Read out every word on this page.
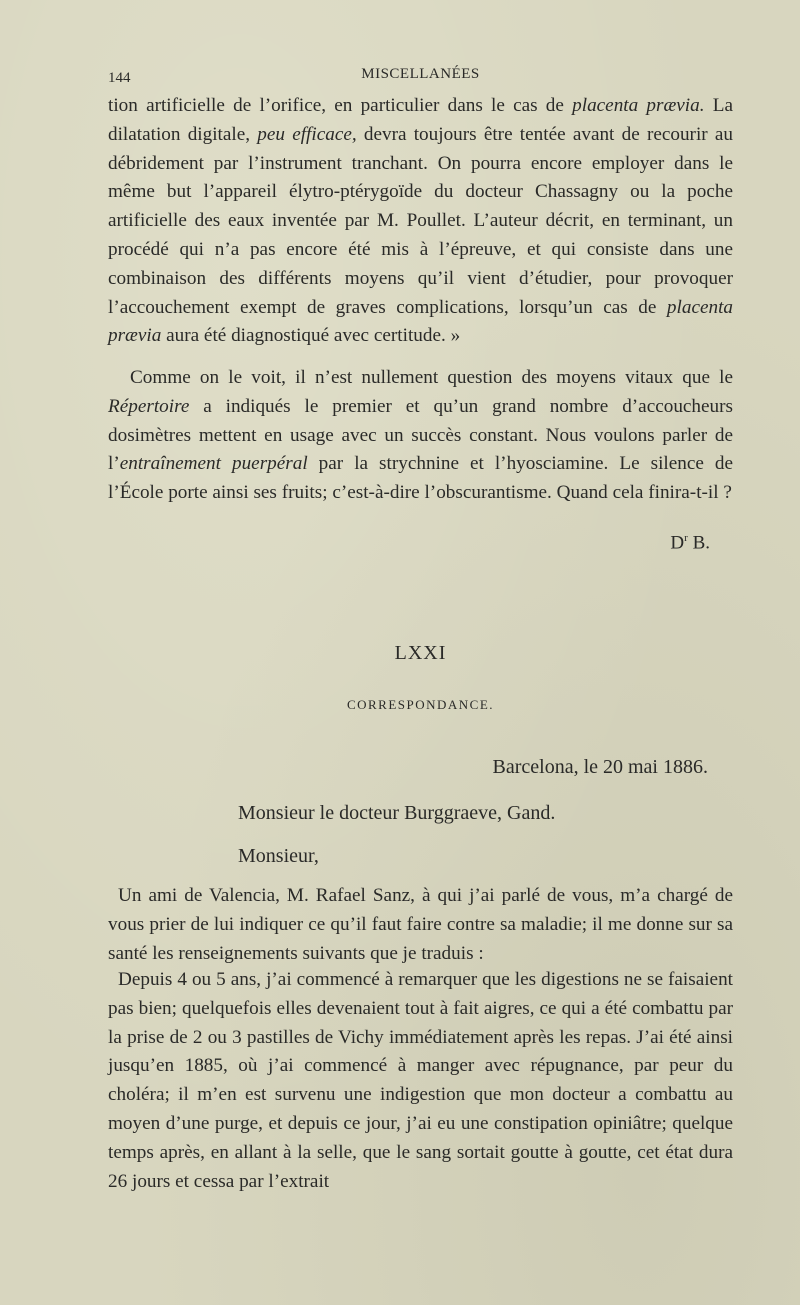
144	MISCELLANÉES

tion artificielle de l’orifice, en particulier dans le cas de placenta prævia. La dilatation digitale, peu efficace, devra toujours être tentée avant de recourir au débridement par l’instrument tranchant. On pourra encore employer dans le même but l’appareil élytro-ptérygoïde du docteur Chassagny ou la poche artificielle des eaux inventée par M. Poullet. L’auteur décrit, en terminant, un procédé qui n’a pas encore été mis à l’épreuve, et qui consiste dans une combinaison des différents moyens qu’il vient d’étudier, pour provoquer l’accouchement exempt de graves complications, lorsqu’un cas de placenta prævia aura été diagnostiqué avec certitude. »

Comme on le voit, il n’est nullement question des moyens vitaux que le Répertoire a indiqués le premier et qu’un grand nombre d’accoucheurs dosimètres mettent en usage avec un succès constant. Nous voulons parler de l’entraînement puerpéral par la strychnine et l’hyosciamine. Le silence de l’École porte ainsi ses fruits; c’est-à-dire l’obscurantisme. Quand cela finira-t-il ?

$D^r$ B.
LXXI
CORRESPONDANCE.
Barcelona, le 20 mai 1886.
Monsieur le docteur Burggraeve, Gand.
Monsieur,

Un ami de Valencia, M. Rafael Sanz, à qui j’ai parlé de vous, m’a chargé de vous prier de lui indiquer ce qu’il faut faire contre sa maladie; il me donne sur sa santé les renseignements suivants que je traduis :

Depuis 4 ou 5 ans, j’ai commencé à remarquer que les digestions ne se faisaient pas bien; quelquefois elles devenaient tout à fait aigres, ce qui a été combattu par la prise de 2 ou 3 pastilles de Vichy immédiatement après les repas. J’ai été ainsi jusqu’en 1885, où j’ai commencé à manger avec répugnance, par peur du choléra; il m’en est survenu une indigestion que mon docteur a combattu au moyen d’une purge, et depuis ce jour, j’ai eu une constipation opiniâtre; quelque temps après, en allant à la selle, que le sang sortait goutte à goutte, cet état dura 26 jours et cessa par l’extrait
